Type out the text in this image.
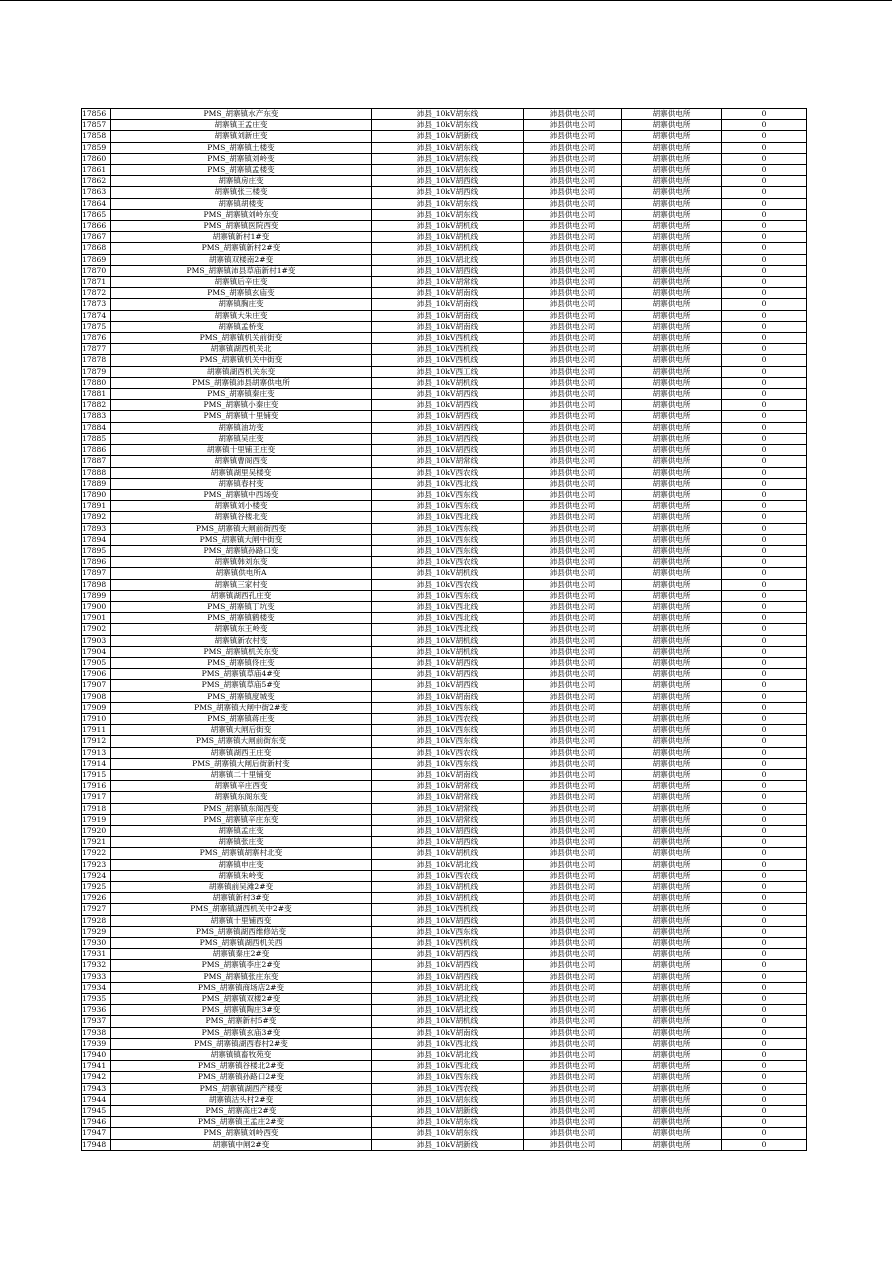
17856	PMS_胡寨镇水产东变	沛县_10kV胡东线	沛县供电公司	胡寨供电所	0
17857	胡寨镇王孟庄变	沛县_10kV胡东线	沛县供电公司	胡寨供电所	0
17858	胡寨镇刘新庄变	沛县_10kV胡新线	沛县供电公司	胡寨供电所	0
17859	PMS_胡寨镇土楼变	沛县_10kV胡东线	沛县供电公司	胡寨供电所	0
17860	PMS_胡寨镇刘岭变	沛县_10kV胡东线	沛县供电公司	胡寨供电所	0
17861	PMS_胡寨镇孟楼变	沛县_10kV胡东线	沛县供电公司	胡寨供电所	0
17862	胡寨镇房庄变	沛县_10kV胡西线	沛县供电公司	胡寨供电所	0
17863	胡寨镇张三楼变	沛县_10kV胡西线	沛县供电公司	胡寨供电所	0
17864	胡寨镇胡楼变	沛县_10kV胡东线	沛县供电公司	胡寨供电所	0
17865	PMS_胡寨镇刘岭东变	沛县_10kV胡东线	沛县供电公司	胡寨供电所	0
17866	PMS_胡寨镇医院西变	沛县_10kV胡机线	沛县供电公司	胡寨供电所	0
17867	胡寨镇新村1#变	沛县_10kV胡机线	沛县供电公司	胡寨供电所	0
17868	PMS_胡寨镇新村2#变	沛县_10kV胡机线	沛县供电公司	胡寨供电所	0
17869	胡寨镇双楼南2#变	沛县_10kV胡北线	沛县供电公司	胡寨供电所	0
17870	PMS_胡寨镇沛县草庙新村1#变	沛县_10kV胡西线	沛县供电公司	胡寨供电所	0
17871	胡寨镇后辛庄变	沛县_10kV胡常线	沛县供电公司	胡寨供电所	0
17872	PMS_胡寨镇玄庙变	沛县_10kV胡南线	沛县供电公司	胡寨供电所	0
17873	胡寨镇胸庄变	沛县_10kV胡南线	沛县供电公司	胡寨供电所	0
17874	胡寨镇大朱庄变	沛县_10kV胡南线	沛县供电公司	胡寨供电所	0
17875	胡寨镇孟桥变	沛县_10kV胡南线	沛县供电公司	胡寨供电所	0
17876	PMS_胡寨镇机关前街变	沛县_10kV西机线	沛县供电公司	胡寨供电所	0
17877	胡寨镇湖西机关北	沛县_10kV西机线	沛县供电公司	胡寨供电所	0
17878	PMS_胡寨镇机关中街变	沛县_10kV西机线	沛县供电公司	胡寨供电所	0
17879	胡寨镇湖西机关东变	沛县_10kV西工线	沛县供电公司	胡寨供电所	0
17880	PMS_胡寨镇沛县胡寨供电所	沛县_10kV胡机线	沛县供电公司	胡寨供电所	0
17881	PMS_胡寨镇秦庄变	沛县_10kV胡西线	沛县供电公司	胡寨供电所	0
17882	PMS_胡寨镇小秦庄变	沛县_10kV胡西线	沛县供电公司	胡寨供电所	0
17883	PMS_胡寨镇十里铺变	沛县_10kV胡西线	沛县供电公司	胡寨供电所	0
17884	胡寨镇油坊变	沛县_10kV胡西线	沛县供电公司	胡寨供电所	0
17885	胡寨镇吴庄变	沛县_10kV胡西线	沛县供电公司	胡寨供电所	0
17886	胡寨镇十里铺王庄变	沛县_10kV胡西线	沛县供电公司	胡寨供电所	0
17887	胡寨镇曹阁西变	沛县_10kV胡常线	沛县供电公司	胡寨供电所	0
17888	胡寨镇湖里吴楼变	沛县_10kV西农线	沛县供电公司	胡寨供电所	0
17889	胡寨镇春村变	沛县_10kV西北线	沛县供电公司	胡寨供电所	0
17890	PMS_胡寨镇中西场变	沛县_10kV西东线	沛县供电公司	胡寨供电所	0
17891	胡寨镇刘小楼变	沛县_10kV西东线	沛县供电公司	胡寨供电所	0
17892	胡寨镇谷楼北变	沛县_10kV西北线	沛县供电公司	胡寨供电所	0
17893	PMS_胡寨镇大闸前街西变	沛县_10kV西东线	沛县供电公司	胡寨供电所	0
17894	PMS_胡寨镇大闸中街变	沛县_10kV西东线	沛县供电公司	胡寨供电所	0
17895	PMS_胡寨镇孙路口变	沛县_10kV西东线	沛县供电公司	胡寨供电所	0
17896	胡寨镇韩刘东变	沛县_10kV西农线	沛县供电公司	胡寨供电所	0
17897	胡寨镇供电所A	沛县_10kV胡机线	沛县供电公司	胡寨供电所	0
17898	胡寨镇三家村变	沛县_10kV西农线	沛县供电公司	胡寨供电所	0
17899	胡寨镇湖西孔庄变	沛县_10kV西东线	沛县供电公司	胡寨供电所	0
17900	PMS_胡寨镇丁坑变	沛县_10kV西北线	沛县供电公司	胡寨供电所	0
17901	PMS_胡寨镇鹤楼变	沛县_10kV西北线	沛县供电公司	胡寨供电所	0
17902	胡寨镇东王岭变	沛县_10kV西北线	沛县供电公司	胡寨供电所	0
17903	胡寨镇新农村变	沛县_10kV胡机线	沛县供电公司	胡寨供电所	0
17904	PMS_胡寨镇机关东变	沛县_10kV胡机线	沛县供电公司	胡寨供电所	0
17905	PMS_胡寨镇佟庄变	沛县_10kV胡西线	沛县供电公司	胡寨供电所	0
17906	PMS_胡寨镇草庙4#变	沛县_10kV胡西线	沛县供电公司	胡寨供电所	0
17907	PMS_胡寨镇草庙5#变	沛县_10kV胡西线	沛县供电公司	胡寨供电所	0
17908	PMS_胡寨镇度城变	沛县_10kV胡南线	沛县供电公司	胡寨供电所	0
17909	PMS_胡寨镇大闸中街2#变	沛县_10kV西东线	沛县供电公司	胡寨供电所	0
17910	PMS_胡寨镇蒋庄变	沛县_10kV西农线	沛县供电公司	胡寨供电所	0
17911	胡寨镇大闸后街变	沛县_10kV西东线	沛县供电公司	胡寨供电所	0
17912	PMS_胡寨镇大闸前街东变	沛县_10kV西东线	沛县供电公司	胡寨供电所	0
17913	胡寨镇湖西王庄变	沛县_10kV西农线	沛县供电公司	胡寨供电所	0
17914	PMS_胡寨镇大闸后街新村变	沛县_10kV西东线	沛县供电公司	胡寨供电所	0
17915	胡寨镇二十里铺变	沛县_10kV胡南线	沛县供电公司	胡寨供电所	0
17916	胡寨镇辛庄西变	沛县_10kV胡常线	沛县供电公司	胡寨供电所	0
17917	胡寨镇东阁东变	沛县_10kV胡常线	沛县供电公司	胡寨供电所	0
17918	PMS_胡寨镇东阁西变	沛县_10kV胡常线	沛县供电公司	胡寨供电所	0
17919	PMS_胡寨镇辛庄东变	沛县_10kV胡常线	沛县供电公司	胡寨供电所	0
17920	胡寨镇孟庄变	沛县_10kV胡西线	沛县供电公司	胡寨供电所	0
17921	胡寨镇张庄变	沛县_10kV胡西线	沛县供电公司	胡寨供电所	0
17922	PMS_胡寨镇胡寨村北变	沛县_10kV胡机线	沛县供电公司	胡寨供电所	0
17923	胡寨镇申庄变	沛县_10kV胡北线	沛县供电公司	胡寨供电所	0
17924	胡寨镇朱岭变	沛县_10kV西农线	沛县供电公司	胡寨供电所	0
17925	胡寨镇前吴滩2#变	沛县_10kV胡机线	沛县供电公司	胡寨供电所	0
17926	胡寨镇新村3#变	沛县_10kV胡机线	沛县供电公司	胡寨供电所	0
17927	PMS_胡寨镇湖西机关中2#变	沛县_10kV西机线	沛县供电公司	胡寨供电所	0
17928	胡寨镇十里铺西变	沛县_10kV胡西线	沛县供电公司	胡寨供电所	0
17929	PMS_胡寨镇湖西维修站变	沛县_10kV西东线	沛县供电公司	胡寨供电所	0
17930	PMS_胡寨镇湖西机关西	沛县_10kV西机线	沛县供电公司	胡寨供电所	0
17931	胡寨镇秦庄2#变	沛县_10kV胡西线	沛县供电公司	胡寨供电所	0
17932	PMS_胡寨镇李庄2#变	沛县_10kV胡西线	沛县供电公司	胡寨供电所	0
17933	PMS_胡寨镇张庄东变	沛县_10kV胡西线	沛县供电公司	胡寨供电所	0
17934	PMS_胡寨镇商场店2#变	沛县_10kV胡北线	沛县供电公司	胡寨供电所	0
17935	PMS_胡寨镇双楼2#变	沛县_10kV胡北线	沛县供电公司	胡寨供电所	0
17936	PMS_胡寨镇陶庄3#变	沛县_10kV胡北线	沛县供电公司	胡寨供电所	0
17937	PMS_胡寨新村5#变	沛县_10kV胡机线	沛县供电公司	胡寨供电所	0
17938	PMS_胡寨镇玄庙3#变	沛县_10kV胡南线	沛县供电公司	胡寨供电所	0
17939	PMS_胡寨镇湖西春村2#变	沛县_10kV西北线	沛县供电公司	胡寨供电所	0
17940	胡寨镇镇畜牧苑变	沛县_10kV胡北线	沛县供电公司	胡寨供电所	0
17941	PMS_胡寨镇谷楼北2#变	沛县_10kV西北线	沛县供电公司	胡寨供电所	0
17942	PMS_胡寨镇孙路口2#变	沛县_10kV西东线	沛县供电公司	胡寨供电所	0
17943	PMS_胡寨镇湖西产楼变	沛县_10kV西农线	沛县供电公司	胡寨供电所	0
17944	胡寨镇沽头村2#变	沛县_10kV胡东线	沛县供电公司	胡寨供电所	0
17945	PMS_胡寨高庄2#变	沛县_10kV胡新线	沛县供电公司	胡寨供电所	0
17946	PMS_胡寨镇王孟庄2#变	沛县_10kV胡东线	沛县供电公司	胡寨供电所	0
17947	PMS_胡寨镇刘岭西变	沛县_10kV胡东线	沛县供电公司	胡寨供电所	0
17948	胡寨镇中闸2#变	沛县_10kV胡新线	沛县供电公司	胡寨供电所	0
